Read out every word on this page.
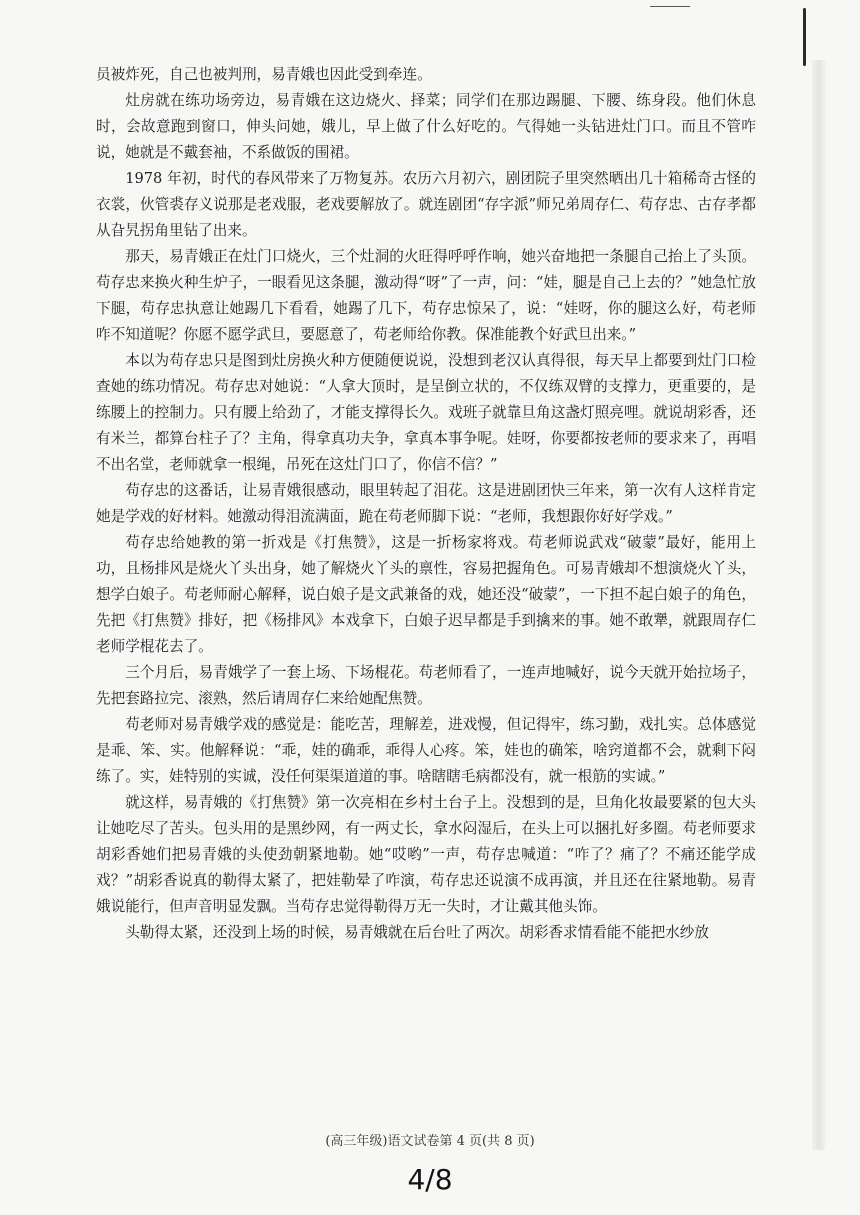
员被炸死，自己也被判刑，易青娥也因此受到牵连。

灶房就在练功场旁边，易青娥在这边烧火、择菜；同学们在那边踢腿、下腰、练身段。他们休息时，会故意跑到窗口，伸头问她，娥儿，早上做了什么好吃的。气得她一头钻进灶门口。而且不管咋说，她就是不戴套袖，不系做饭的围裙。

1978 年初，时代的春风带来了万物复苏。农历六月初六，剧团院子里突然晒出几十箱稀奇古怪的衣裳，伙管裘存义说那是老戏服，老戏要解放了。就连剧团“存字派”师兄弟周存仁、苟存忠、古存孝都从旮旯拐角里钻了出来。

那天，易青娥正在灶门口烧火，三个灶洞的火旺得呼呼作响，她兴奋地把一条腿自己抬上了头顶。苟存忠来换火种生炉子，一眼看见这条腿，激动得“呀”了一声，问：“娃，腿是自己上去的？”她急忙放下腿，苟存忠执意让她踢几下看看，她踢了几下，苟存忠惊呆了，说：“娃呀，你的腿这么好，苟老师咋不知道呢？你愿不愿学武旦，要愿意了，苟老师给你教。保准能教个好武旦出来。”

本以为苟存忠只是图到灶房换火种方便随便说说，没想到老汉认真得很，每天早上都要到灶门口检查她的练功情况。苟存忠对她说：“人拿大顶时，是呈倒立状的，不仅练双臂的支撑力，更重要的，是练腰上的控制力。只有腰上给劲了，才能支撑得长久。戏班子就靠旦角这盏灯照亮哩。就说胡彩香，还有米兰，都算台柱子了？主角，得拿真功夫争，拿真本事争呢。娃呀，你要都按老师的要求来了，再唱不出名堂，老师就拿一根绳，吊死在这灶门口了，你信不信？”

苟存忠的这番话，让易青娥很感动，眼里转起了泪花。这是进剧团快三年来，第一次有人这样肯定她是学戏的好材料。她激动得泪流满面，跪在苟老师脚下说：“老师，我想跟你好好学戏。”

苟存忠给她教的第一折戏是《打焦赞》，这是一折杨家将戏。苟老师说武戏“破蒙”最好，能用上功，且杨排风是烧火丫头出身，她了解烧火丫头的禀性，容易把握角色。可易青娥却不想演烧火丫头，想学白娘子。苟老师耐心解释，说白娘子是文武兼备的戏，她还没“破蒙”，一下担不起白娘子的角色，先把《打焦赞》排好，把《杨排风》本戏拿下，白娘子迟早都是手到擒来的事。她不敢犟，就跟周存仁老师学棍花去了。

三个月后，易青娥学了一套上场、下场棍花。苟老师看了，一连声地喊好，说今天就开始拉场子，先把套路拉完、滚熟，然后请周存仁来给她配焦赞。

苟老师对易青娥学戏的感觉是：能吃苦，理解差，进戏慢，但记得牢，练习勤，戏扎实。总体感觉是乖、笨、实。他解释说：“乖，娃的确乖，乖得人心疼。笨，娃也的确笨，啥窍道都不会，就剩下闷练了。实，娃特别的实诚，没任何渠渠道道的事。啥瞎瞎毛病都没有，就一根筋的实诚。”

就这样，易青娥的《打焦赞》第一次亮相在乡村土台子上。没想到的是，旦角化妆最要紧的包大头让她吃尽了苦头。包头用的是黑纱网，有一两丈长，拿水闷湿后，在头上可以捆扎好多圈。苟老师要求胡彩香她们把易青娥的头使劲朝紧地勒。她“哎哟”一声，苟存忠喊道：“咋了？痛了？不痛还能学成戏？”胡彩香说真的勒得太紧了，把娃勒晕了咋演，苟存忠还说演不成再演，并且还在往紧地勒。易青娥说能行，但声音明显发飘。当苟存忠觉得勒得万无一失时，才让戴其他头饰。

头勒得太紧，还没到上场的时候，易青娥就在后台吐了两次。胡彩香求情看能不能把水纱放

(高三年级)语文试卷第 4 页(共 8 页)
4/8
